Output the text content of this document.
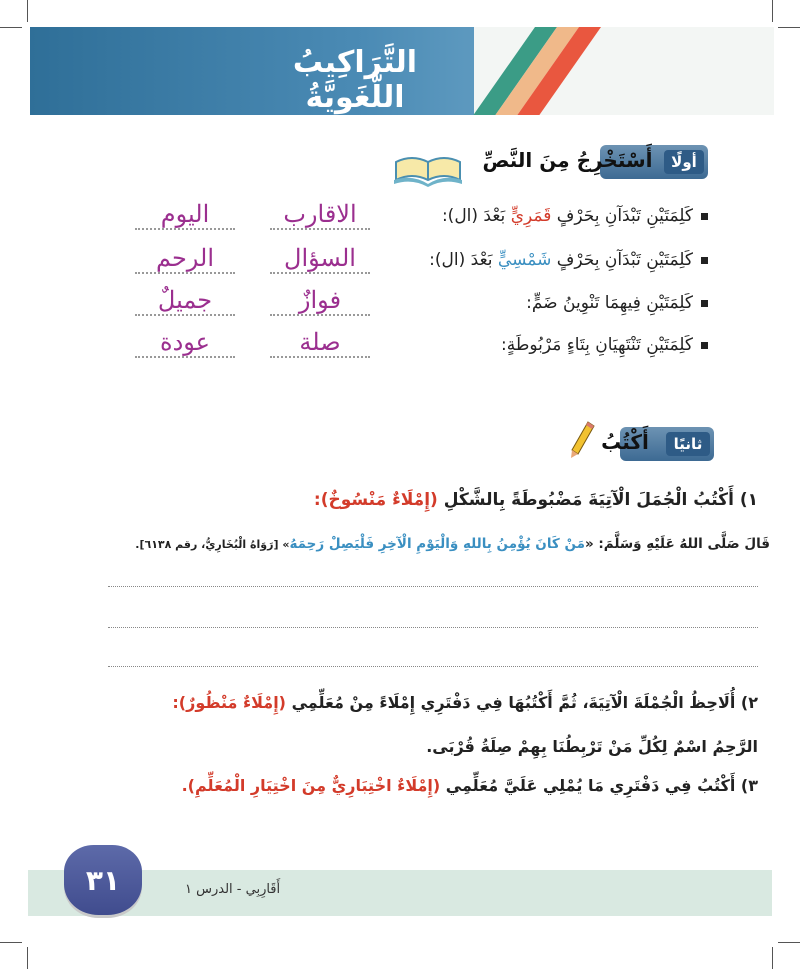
التَّرَاكِيبُ اللُّغَوِيَّةُ
أولًا
أَسْتَخْرِجُ مِنَ النَّصِّ
كَلِمَتَيْنِ تَبْدَآنِ بِحَرْفٍ قَمَرِيٍّ بَعْدَ (ال):
الاقارب
اليوم
كَلِمَتَيْنِ تَبْدَآنِ بِحَرْفٍ شَمْسِيٍّ بَعْدَ (ال):
السؤال
الرحم
كَلِمَتَيْنِ فِيهِمَا تَنْوِينُ ضَمٍّ:
فوازٌ
جميلٌ
كَلِمَتَيْنِ تَنْتَهِيَانِ بِتَاءٍ مَرْبُوطَةٍ:
صلة
عودة
ثانيًا
أَكْتُبُ
١) أَكْتُبُ الْجُمَلَ الْآتِيَةَ مَضْبُوطَةً بِالشَّكْلِ (إِمْلَاءٌ مَنْسُوخٌ):
قَالَ صَلَّى اللهُ عَلَيْهِ وَسَلَّمَ: «مَنْ كَانَ يُؤْمِنُ بِاللهِ وَالْيَوْمِ الْآخِرِ فَلْيَصِلْ رَحِمَهُ» [رَوَاهُ الْبُخَارِيُّ، رقم ٦١٣٨].
٢) أُلَاحِظُ الْجُمْلَةَ الْآتِيَةَ، ثُمَّ أَكْتُبُهَا فِي دَفْتَرِي إِمْلَاءً مِنْ مُعَلِّمِي (إِمْلَاءٌ مَنْظُورٌ):
الرَّحِمُ اسْمٌ لِكُلِّ مَنْ تَرْبِطُنَا بِهِمْ صِلَةُ قُرْبَى.
٣) أَكْتُبُ فِي دَفْتَرِي مَا يُمْلِي عَلَيَّ مُعَلِّمِي (إِمْلَاءٌ اخْتِبَارِيٌّ مِنَ اخْتِيَارِ الْمُعَلِّمِ).
٣١	أَقَارِبِي - الدرس ١
